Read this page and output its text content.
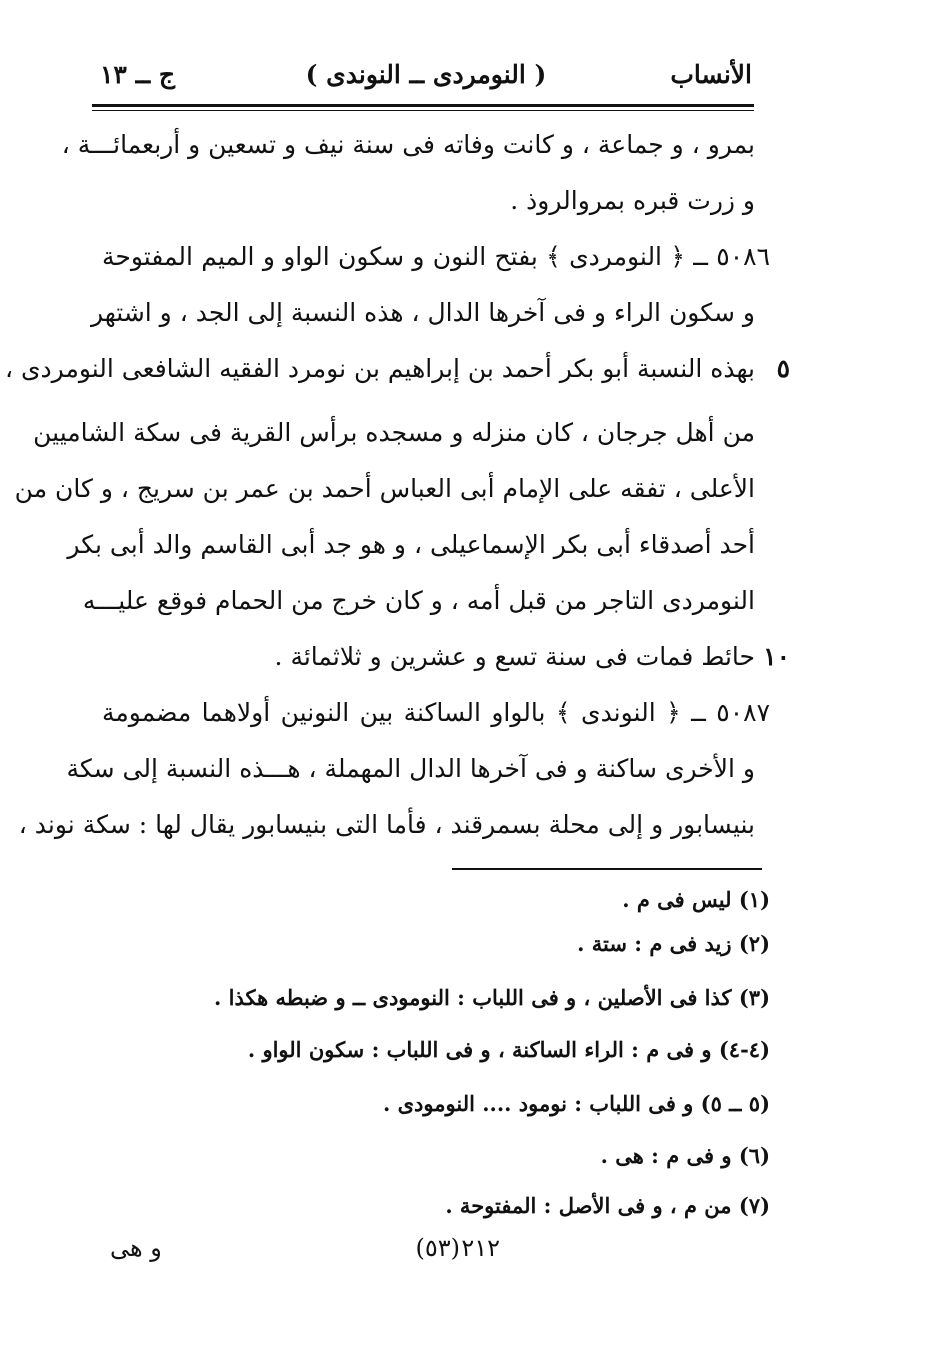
الأنساب
( النومردى ــ النوندى )
ج ــ ١٣
بمرو ، و جماعة ، و كانت وفاته فى سنة نيف و تسعين و أربعمائـــة ،
و زرت قبره بمروالروذ .
٥٠٨٦ ــ ﴿ النومردى ﴾ بفتح النون و سكون الواو و الميم المفتوحة
و سكون الراء و فى آخرها الدال ، هذه النسبة إلى الجد ، و اشتهر
بهذه النسبة أبو بكر أحمد بن إبراهيم بن نومرد الفقيه الشافعى النومردى ، ٥
من أهل جرجان ، كان منزله و مسجده برأس القرية فى سكة الشاميين
الأعلى ، تفقه على الإمام أبى العباس أحمد بن عمر بن سريج ، و كان من
أحد أصدقاء أبى بكر الإسماعيلى ، و هو جد أبى القاسم والد أبى بكر
النومردى التاجر من قبل أمه ، و كان خرج من الحمام فوقع عليـــه
حائط فمات فى سنة تسع و عشرين و ثلاثمائة . ١٠
٥٠٨٧ ــ ﴿ النوندى ﴾ بالواو الساكنة بين النونين أولاهما مضمومة
و الأخرى ساكنة و فى آخرها الدال المهملة ، هـــذه النسبة إلى سكة
بنيسابور و إلى محلة بسمرقند ، فأما التى بنيسابور يقال لها : سكة نوند ،
(١) ليس فى م .
(٢) زيد فى م : ستة .
(٣) كذا فى الأصلين ، و فى اللباب : النومودى ــ و ضبطه هكذا .
(٤-٤) و فى م : الراء الساكنة ، و فى اللباب : سكون الواو .
(٥ ــ ٥) و فى اللباب : نومود .... النومودى .
(٦) و فى م : هى .
(٧) من م ، و فى الأصل : المفتوحة .
٢١٢
(٥٣)
و هى
